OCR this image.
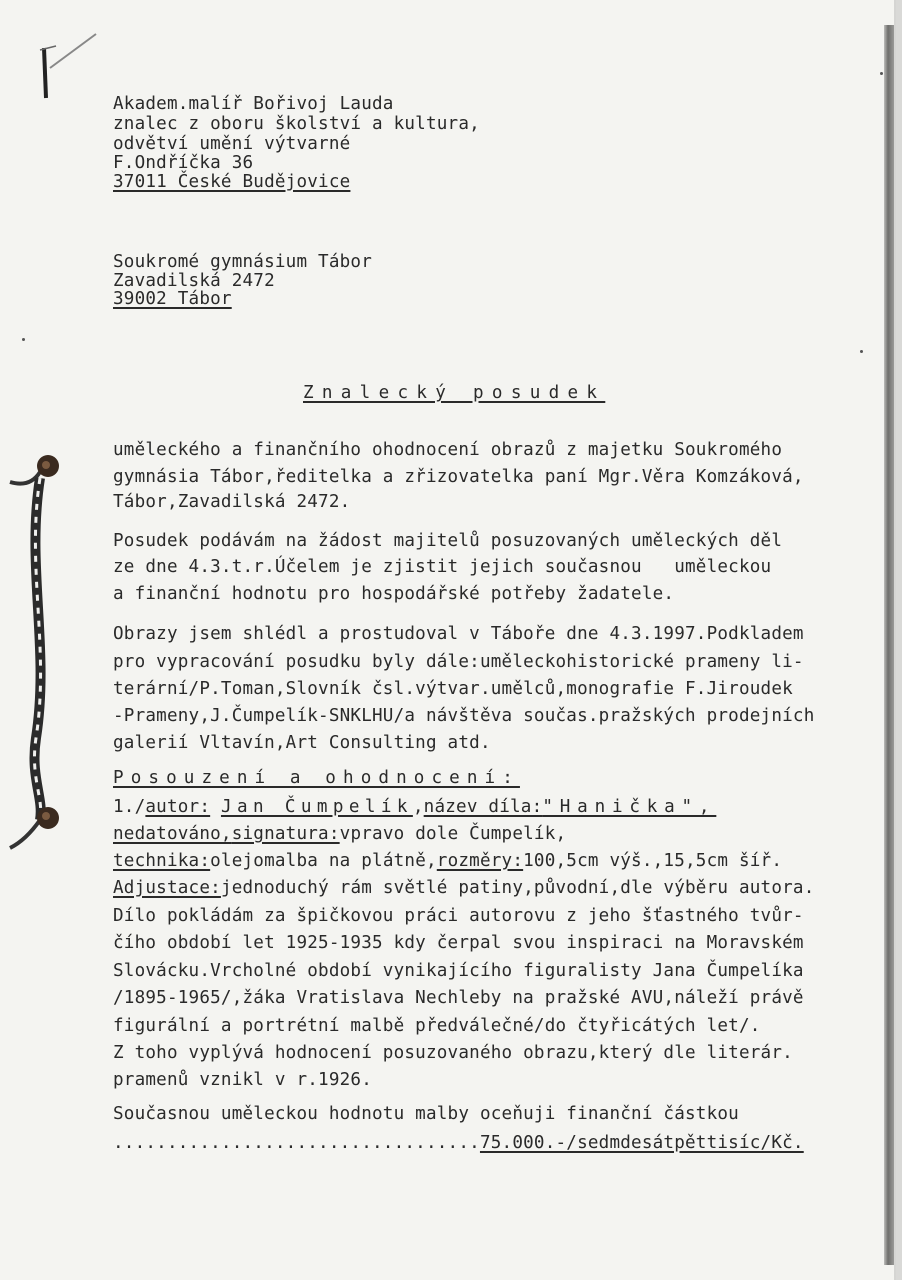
Akadem.malíř Bořivoj Lauda
znalec z oboru školství a kultura,
odvětví umění výtvarné
F.Ondříčka 36
37011 České Budějovice
Soukromé gymnásium Tábor
Zavadilská 2472
39002 Tábor
Znalecký posudek
uměleckého a finančního ohodnocení obrazů z majetku Soukromého
gymnásia Tábor,ředitelka a zřizovatelka paní Mgr.Věra Komzáková,
Tábor,Zavadilská 2472.
Posudek podávám na žádost majitelů posuzovaných uměleckých děl
ze dne 4.3.t.r.Účelem je zjistit jejich současnou   uměleckou
a finanční hodnotu pro hospodářské potřeby žadatele.
Obrazy jsem shlédl a prostudoval v Táboře dne 4.3.1997.Podkladem
pro vypracování posudku byly dále:uměleckohistorické prameny li-
terární/P.Toman,Slovník čsl.výtvar.umělců,monografie F.Jiroudek
-Prameny,J.Čumpelík-SNKLHU/a návštěva součas.pražských prodejních
galerií Vltavín,Art Consulting atd.
Posouzení a ohodnocení:
1./autor: Jan Čumpelík,název díla:"Hanička",
nedatováno,signatura:vpravo dole Čumpelík,
technika:olejomalba na plátně,rozměry:100,5cm výš.,15,5cm šíř.
Adjustace:jednoduchý rám světlé patiny,původní,dle výběru autora.
Dílo pokládám za špičkovou práci autorovu z jeho šťastného tvůr-
čího období let 1925-1935 kdy čerpal svou inspiraci na Moravském
Slovácku.Vrcholné období vynikajícího figuralisty Jana Čumpelíka
/1895-1965/,žáka Vratislava Nechleby na pražské AVU,náleží právě
figurální a portrétní malbě předválečné/do čtyřicátých let/.
Z toho vyplývá hodnocení posuzovaného obrazu,který dle literár.
pramenů vznikl v r.1926.
Současnou uměleckou hodnotu malby oceňuji finanční částkou
..................................75.000.-/sedmdesátpěttisíc/Kč.
